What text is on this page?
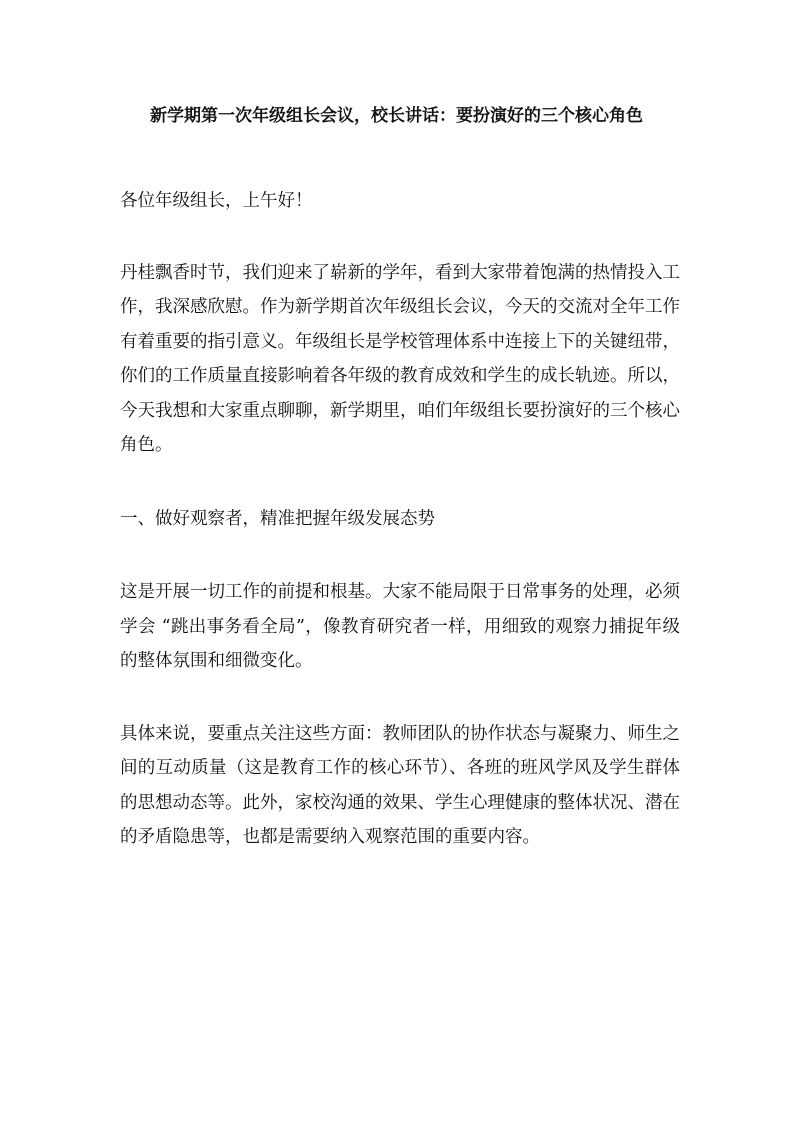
新学期第一次年级组长会议，校长讲话：要扮演好的三个核心角色

各位年级组长，上午好！

丹桂飘香时节，我们迎来了崭新的学年，看到大家带着饱满的热情投入工作，我深感欣慰。作为新学期首次年级组长会议，今天的交流对全年工作有着重要的指引意义。年级组长是学校管理体系中连接上下的关键纽带，你们的工作质量直接影响着各年级的教育成效和学生的成长轨迹。所以，今天我想和大家重点聊聊，新学期里，咱们年级组长要扮演好的三个核心角色。

一、做好观察者，精准把握年级发展态势

这是开展一切工作的前提和根基。大家不能局限于日常事务的处理，必须学会 “跳出事务看全局”，像教育研究者一样，用细致的观察力捕捉年级的整体氛围和细微变化。

具体来说，要重点关注这些方面：教师团队的协作状态与凝聚力、师生之间的互动质量（这是教育工作的核心环节）、各班的班风学风及学生群体的思想动态等。此外，家校沟通的效果、学生心理健康的整体状况、潜在的矛盾隐患等，也都是需要纳入观察范围的重要内容。
